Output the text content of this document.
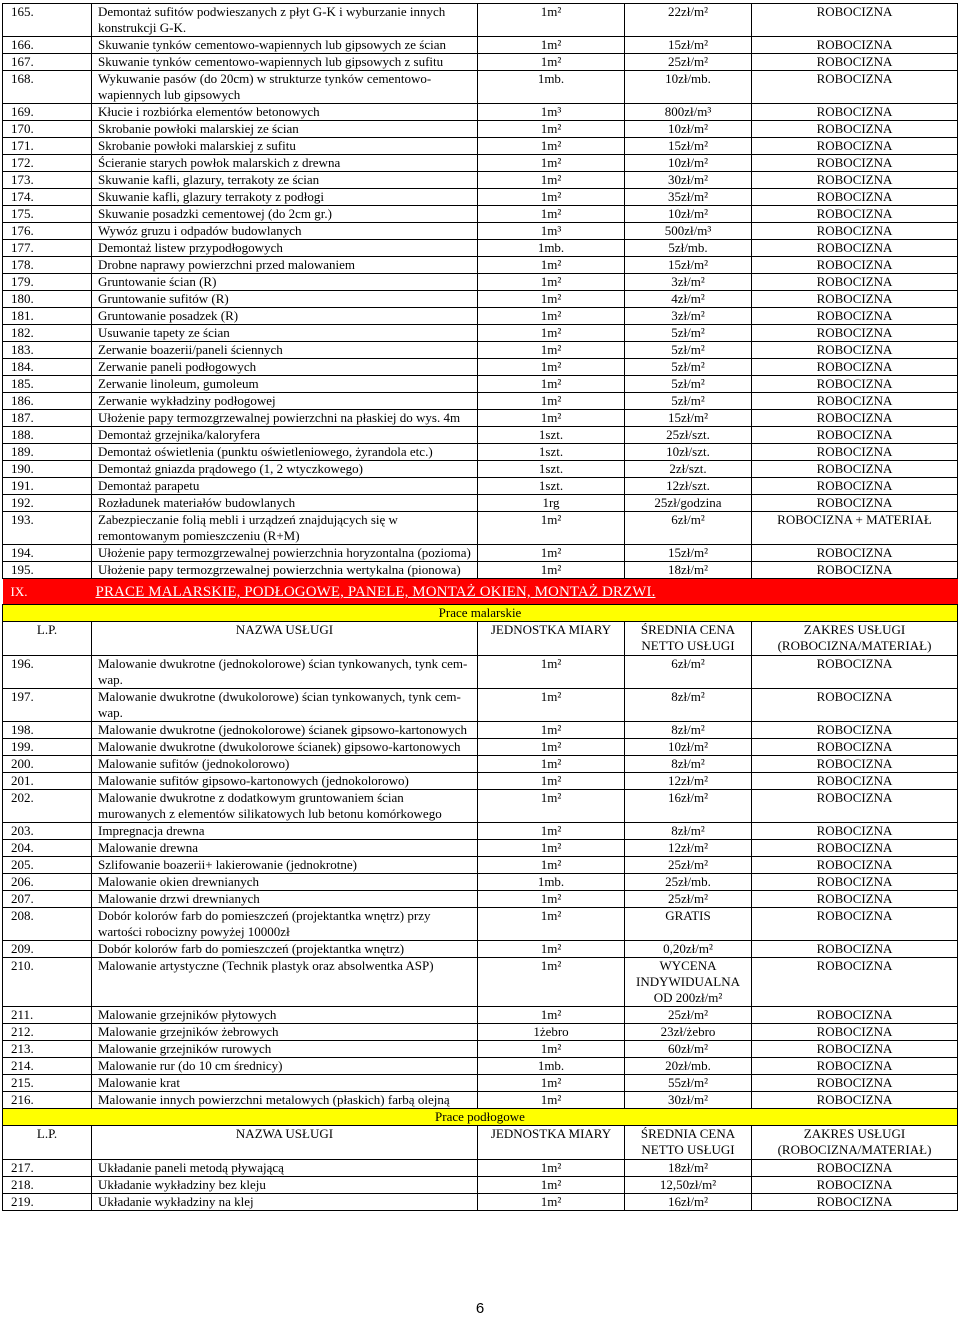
165.	Demontaż sufitów podwieszanych z płyt G-K i wyburzanie innych konstrukcji G-K.	1m²	22zł/m²	ROBOCIZNA
166.	Skuwanie tynków cementowo-wapiennych lub gipsowych ze ścian	1m²	15zł/m²	ROBOCIZNA
167.	Skuwanie tynków cementowo-wapiennych lub gipsowych z sufitu	1m²	25zł/m²	ROBOCIZNA
168.	Wykuwanie pasów (do 20cm) w strukturze tynków cementowo-wapiennych lub gipsowych	1mb.	10zł/mb.	ROBOCIZNA
169.	Kłucie i rozbiórka elementów betonowych	1m³	800zł/m³	ROBOCIZNA
170.	Skrobanie powłoki malarskiej ze ścian	1m²	10zł/m²	ROBOCIZNA
171.	Skrobanie powłoki malarskiej z sufitu	1m²	15zł/m²	ROBOCIZNA
172.	Ścieranie starych powłok malarskich z drewna	1m²	10zł/m²	ROBOCIZNA
173.	Skuwanie kafli, glazury, terrakoty ze ścian	1m²	30zł/m²	ROBOCIZNA
174.	Skuwanie kafli, glazury terrakoty z podłogi	1m²	35zł/m²	ROBOCIZNA
175.	Skuwanie posadzki cementowej (do 2cm gr.)	1m²	10zł/m²	ROBOCIZNA
176.	Wywóz gruzu i odpadów budowlanych	1m³	500zł/m³	ROBOCIZNA
177.	Demontaż listew przypodłogowych	1mb.	5zł/mb.	ROBOCIZNA
178.	Drobne naprawy powierzchni przed malowaniem	1m²	15zł/m²	ROBOCIZNA
179.	Gruntowanie ścian (R)	1m²	3zł/m²	ROBOCIZNA
180.	Gruntowanie sufitów (R)	1m²	4zł/m²	ROBOCIZNA
181.	Gruntowanie posadzek (R)	1m²	3zł/m²	ROBOCIZNA
182.	Usuwanie tapety ze ścian	1m²	5zł/m²	ROBOCIZNA
183.	Zerwanie boazerii/paneli ściennych	1m²	5zł/m²	ROBOCIZNA
184.	Zerwanie paneli podłogowych	1m²	5zł/m²	ROBOCIZNA
185.	Zerwanie linoleum, gumoleum	1m²	5zł/m²	ROBOCIZNA
186.	Zerwanie wykładziny podłogowej	1m²	5zł/m²	ROBOCIZNA
187.	Ułożenie papy termozgrzewalnej powierzchni na płaskiej do wys. 4m	1m²	15zł/m²	ROBOCIZNA
188.	Demontaż grzejnika/kaloryfera	1szt.	25zł/szt.	ROBOCIZNA
189.	Demontaż oświetlenia (punktu oświetleniowego, żyrandola etc.)	1szt.	10zł/szt.	ROBOCIZNA
190.	Demontaż gniazda prądowego (1, 2 wtyczkowego)	1szt.	2zł/szt.	ROBOCIZNA
191.	Demontaż parapetu	1szt.	12zł/szt.	ROBOCIZNA
192.	Rozładunek materiałów budowlanych	1rg	25zł/godzina	ROBOCIZNA
193.	Zabezpieczanie folią mebli i urządzeń znajdujących się w remontowanym pomieszczeniu (R+M)	1m²	6zł/m²	ROBOCIZNA + MATERIAŁ
194.	Ułożenie papy termozgrzewalnej powierzchnia horyzontalna (pozioma)	1m²	15zł/m²	ROBOCIZNA
195.	Ułożenie papy termozgrzewalnej powierzchnia wertykalna (pionowa)	1m²	18zł/m²	ROBOCIZNA
IX.	PRACE MALARSKIE, PODŁOGOWE, PANELE, MONTAŻ OKIEN, MONTAŻ DRZWI.			
Prace malarskie				
L.P.	NAZWA USŁUGI	JEDNOSTKA MIARY	ŚREDNIA CENA NETTO USŁUGI	ZAKRES USŁUGI (ROBOCIZNA/MATERIAŁ)
196.	Malowanie dwukrotne (jednokolorowe) ścian tynkowanych, tynk cem-wap.	1m²	6zł/m²	ROBOCIZNA
197.	Malowanie dwukrotne (dwukolorowe) ścian tynkowanych, tynk cem-wap.	1m²	8zł/m²	ROBOCIZNA
198.	Malowanie dwukrotne (jednokolorowe) ścianek gipsowo-kartonowych	1m²	8zł/m²	ROBOCIZNA
199.	Malowanie dwukrotne (dwukolorowe ścianek) gipsowo-kartonowych	1m²	10zł/m²	ROBOCIZNA
200.	Malowanie sufitów (jednokolorowo)	1m²	8zł/m²	ROBOCIZNA
201.	Malowanie sufitów gipsowo-kartonowych (jednokolorowo)	1m²	12zł/m²	ROBOCIZNA
202.	Malowanie dwukrotne z dodatkowym gruntowaniem ścian murowanych z elementów silikatowych lub betonu komórkowego	1m²	16zł/m²	ROBOCIZNA
203.	Impregnacja drewna	1m²	8zł/m²	ROBOCIZNA
204.	Malowanie drewna	1m²	12zł/m²	ROBOCIZNA
205.	Szlifowanie boazerii+ lakierowanie (jednokrotne)	1m²	25zł/m²	ROBOCIZNA
206.	Malowanie okien drewnianych	1mb.	25zł/mb.	ROBOCIZNA
207.	Malowanie drzwi drewnianych	1m²	25zł/m²	ROBOCIZNA
208.	Dobór kolorów farb do pomieszczeń (projektantka wnętrz) przy wartości robocizny powyżej 10000zł	1m²	GRATIS	ROBOCIZNA
209.	Dobór kolorów farb do pomieszczeń (projektantka wnętrz)	1m²	0,20zł/m²	ROBOCIZNA
210.	Malowanie artystyczne (Technik plastyk oraz absolwentka ASP)	1m²	WYCENA INDYWIDUALNA OD 200zł/m²	ROBOCIZNA
211.	Malowanie grzejników płytowych	1m²	25zł/m²	ROBOCIZNA
212.	Malowanie grzejników żebrowych	1żebro	23zł/żebro	ROBOCIZNA
213.	Malowanie grzejników rurowych	1m²	60zł/m²	ROBOCIZNA
214.	Malowanie rur (do 10 cm średnicy)	1mb.	20zł/mb.	ROBOCIZNA
215.	Malowanie krat	1m²	55zł/m²	ROBOCIZNA
216.	Malowanie innych powierzchni metalowych (płaskich) farbą olejną	1m²	30zł/m²	ROBOCIZNA
Prace podłogowe				
L.P.	NAZWA USŁUGI	JEDNOSTKA MIARY	ŚREDNIA CENA NETTO USŁUGI	ZAKRES USŁUGI (ROBOCIZNA/MATERIAŁ)
217.	Układanie paneli metodą pływającą	1m²	18zł/m²	ROBOCIZNA
218.	Układanie wykładziny bez kleju	1m²	12,50zł/m²	ROBOCIZNA
219.	Układanie wykładziny na klej	1m²	16zł/m²	ROBOCIZNA
6
